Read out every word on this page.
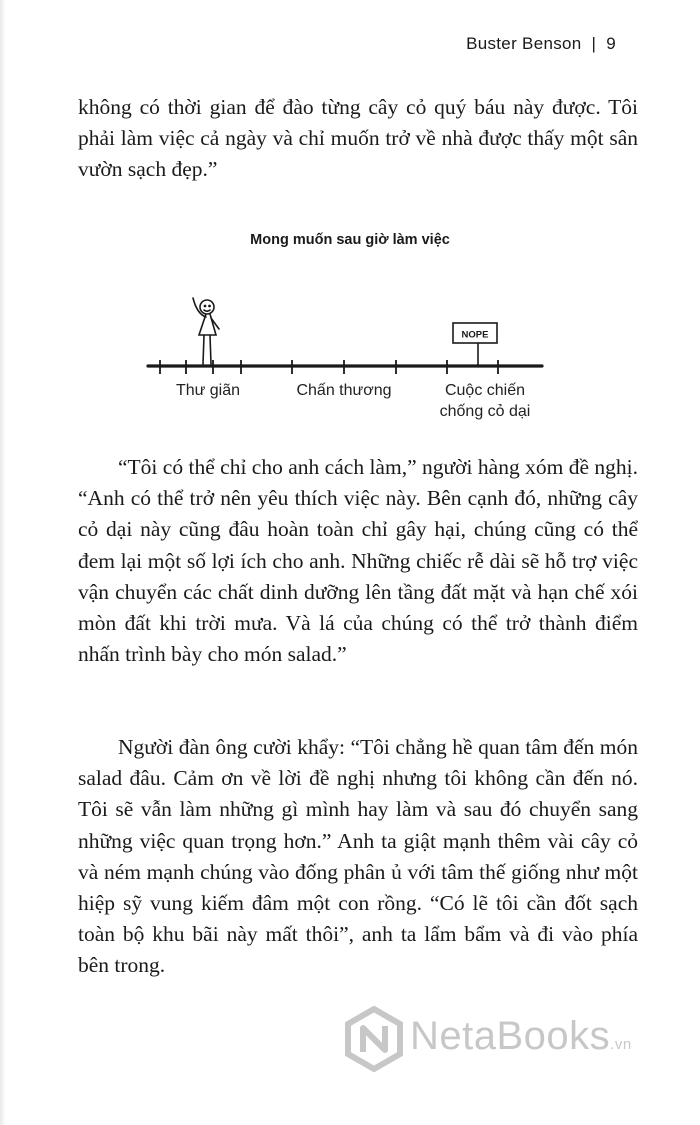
Buster Benson | 9

không có thời gian để đào từng cây cỏ quý báu này được. Tôi phải làm việc cả ngày và chỉ muốn trở về nhà được thấy một sân vườn sạch đẹp.”

Mong muốn sau giờ làm việc
NOPE
Thư giãn	Chấn thương	Cuộc chiến
chống cỏ dại

“Tôi có thể chỉ cho anh cách làm,” người hàng xóm đề nghị. “Anh có thể trở nên yêu thích việc này. Bên cạnh đó, những cây cỏ dại này cũng đâu hoàn toàn chỉ gây hại, chúng cũng có thể đem lại một số lợi ích cho anh. Những chiếc rễ dài sẽ hỗ trợ việc vận chuyển các chất dinh dưỡng lên tầng đất mặt và hạn chế xói mòn đất khi trời mưa. Và lá của chúng có thể trở thành điểm nhấn trình bày cho món salad.”

Người đàn ông cười khẩy: “Tôi chẳng hề quan tâm đến món salad đâu. Cảm ơn về lời đề nghị nhưng tôi không cần đến nó. Tôi sẽ vẫn làm những gì mình hay làm và sau đó chuyển sang những việc quan trọng hơn.” Anh ta giật mạnh thêm vài cây cỏ và ném mạnh chúng vào đống phân ủ với tâm thế giống như một hiệp sỹ vung kiếm đâm một con rồng. “Có lẽ tôi cần đốt sạch toàn bộ khu bãi này mất thôi”, anh ta lẩm bẩm và đi vào phía bên trong.

NetaBooks.vn
